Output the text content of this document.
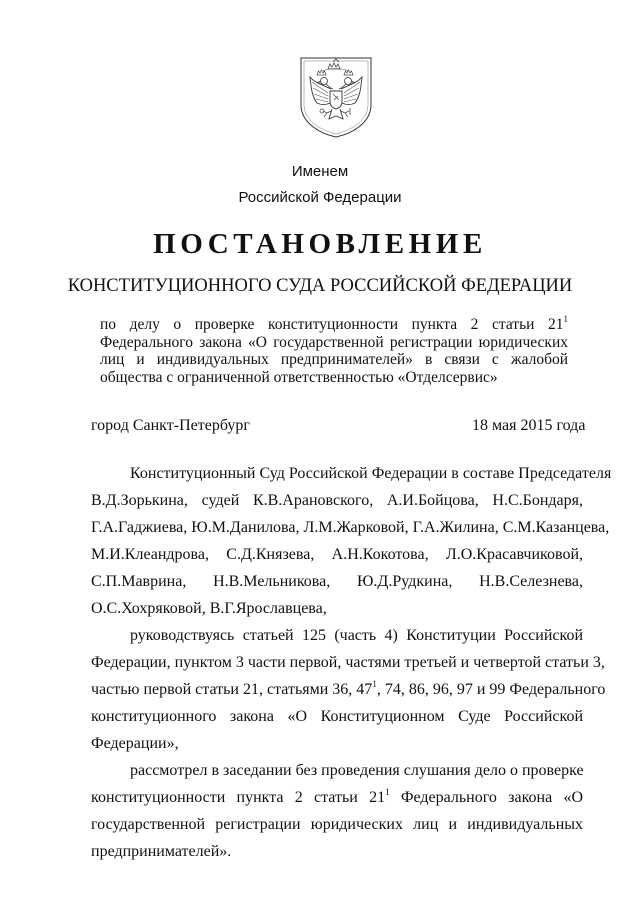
Именем
Российской Федерации
ПОСТАНОВЛЕНИЕ
КОНСТИТУЦИОННОГО СУДА РОССИЙСКОЙ ФЕДЕРАЦИИ
по делу о проверке конституционности пункта 2 статьи $21^1$
Федерального закона «О государственной регистрации юридических
лиц и индивидуальных предпринимателей» в связи с жалобой
общества с ограниченной ответственностью «Отделсервис»
город Санкт-Петербург	18 мая 2015 года
Конституционный Суд Российской Федерации в составе Председателя
В.Д.Зорькина, судей К.В.Арановского, А.И.Бойцова, Н.С.Бондаря,
Г.А.Гаджиева, Ю.М.Данилова, Л.М.Жарковой, Г.А.Жилина, С.М.Казанцева,
М.И.Клеандрова, С.Д.Князева, А.Н.Кокотова, Л.О.Красавчиковой,
С.П.Маврина, Н.В.Мельникова, Ю.Д.Рудкина, Н.В.Селезнева,
О.С.Хохряковой, В.Г.Ярославцева,
руководствуясь статьей 125 (часть 4) Конституции Российской
Федерации, пунктом 3 части первой, частями третьей и четвертой статьи 3,
частью первой статьи 21, статьями 36, $47^1$, 74, 86, 96, 97 и 99 Федерального
конституционного закона «О Конституционном Суде Российской
Федерации»,
рассмотрел в заседании без проведения слушания дело о проверке
конституционности пункта 2 статьи $21^1$ Федерального закона «О
государственной регистрации юридических лиц и индивидуальных
предпринимателей».
